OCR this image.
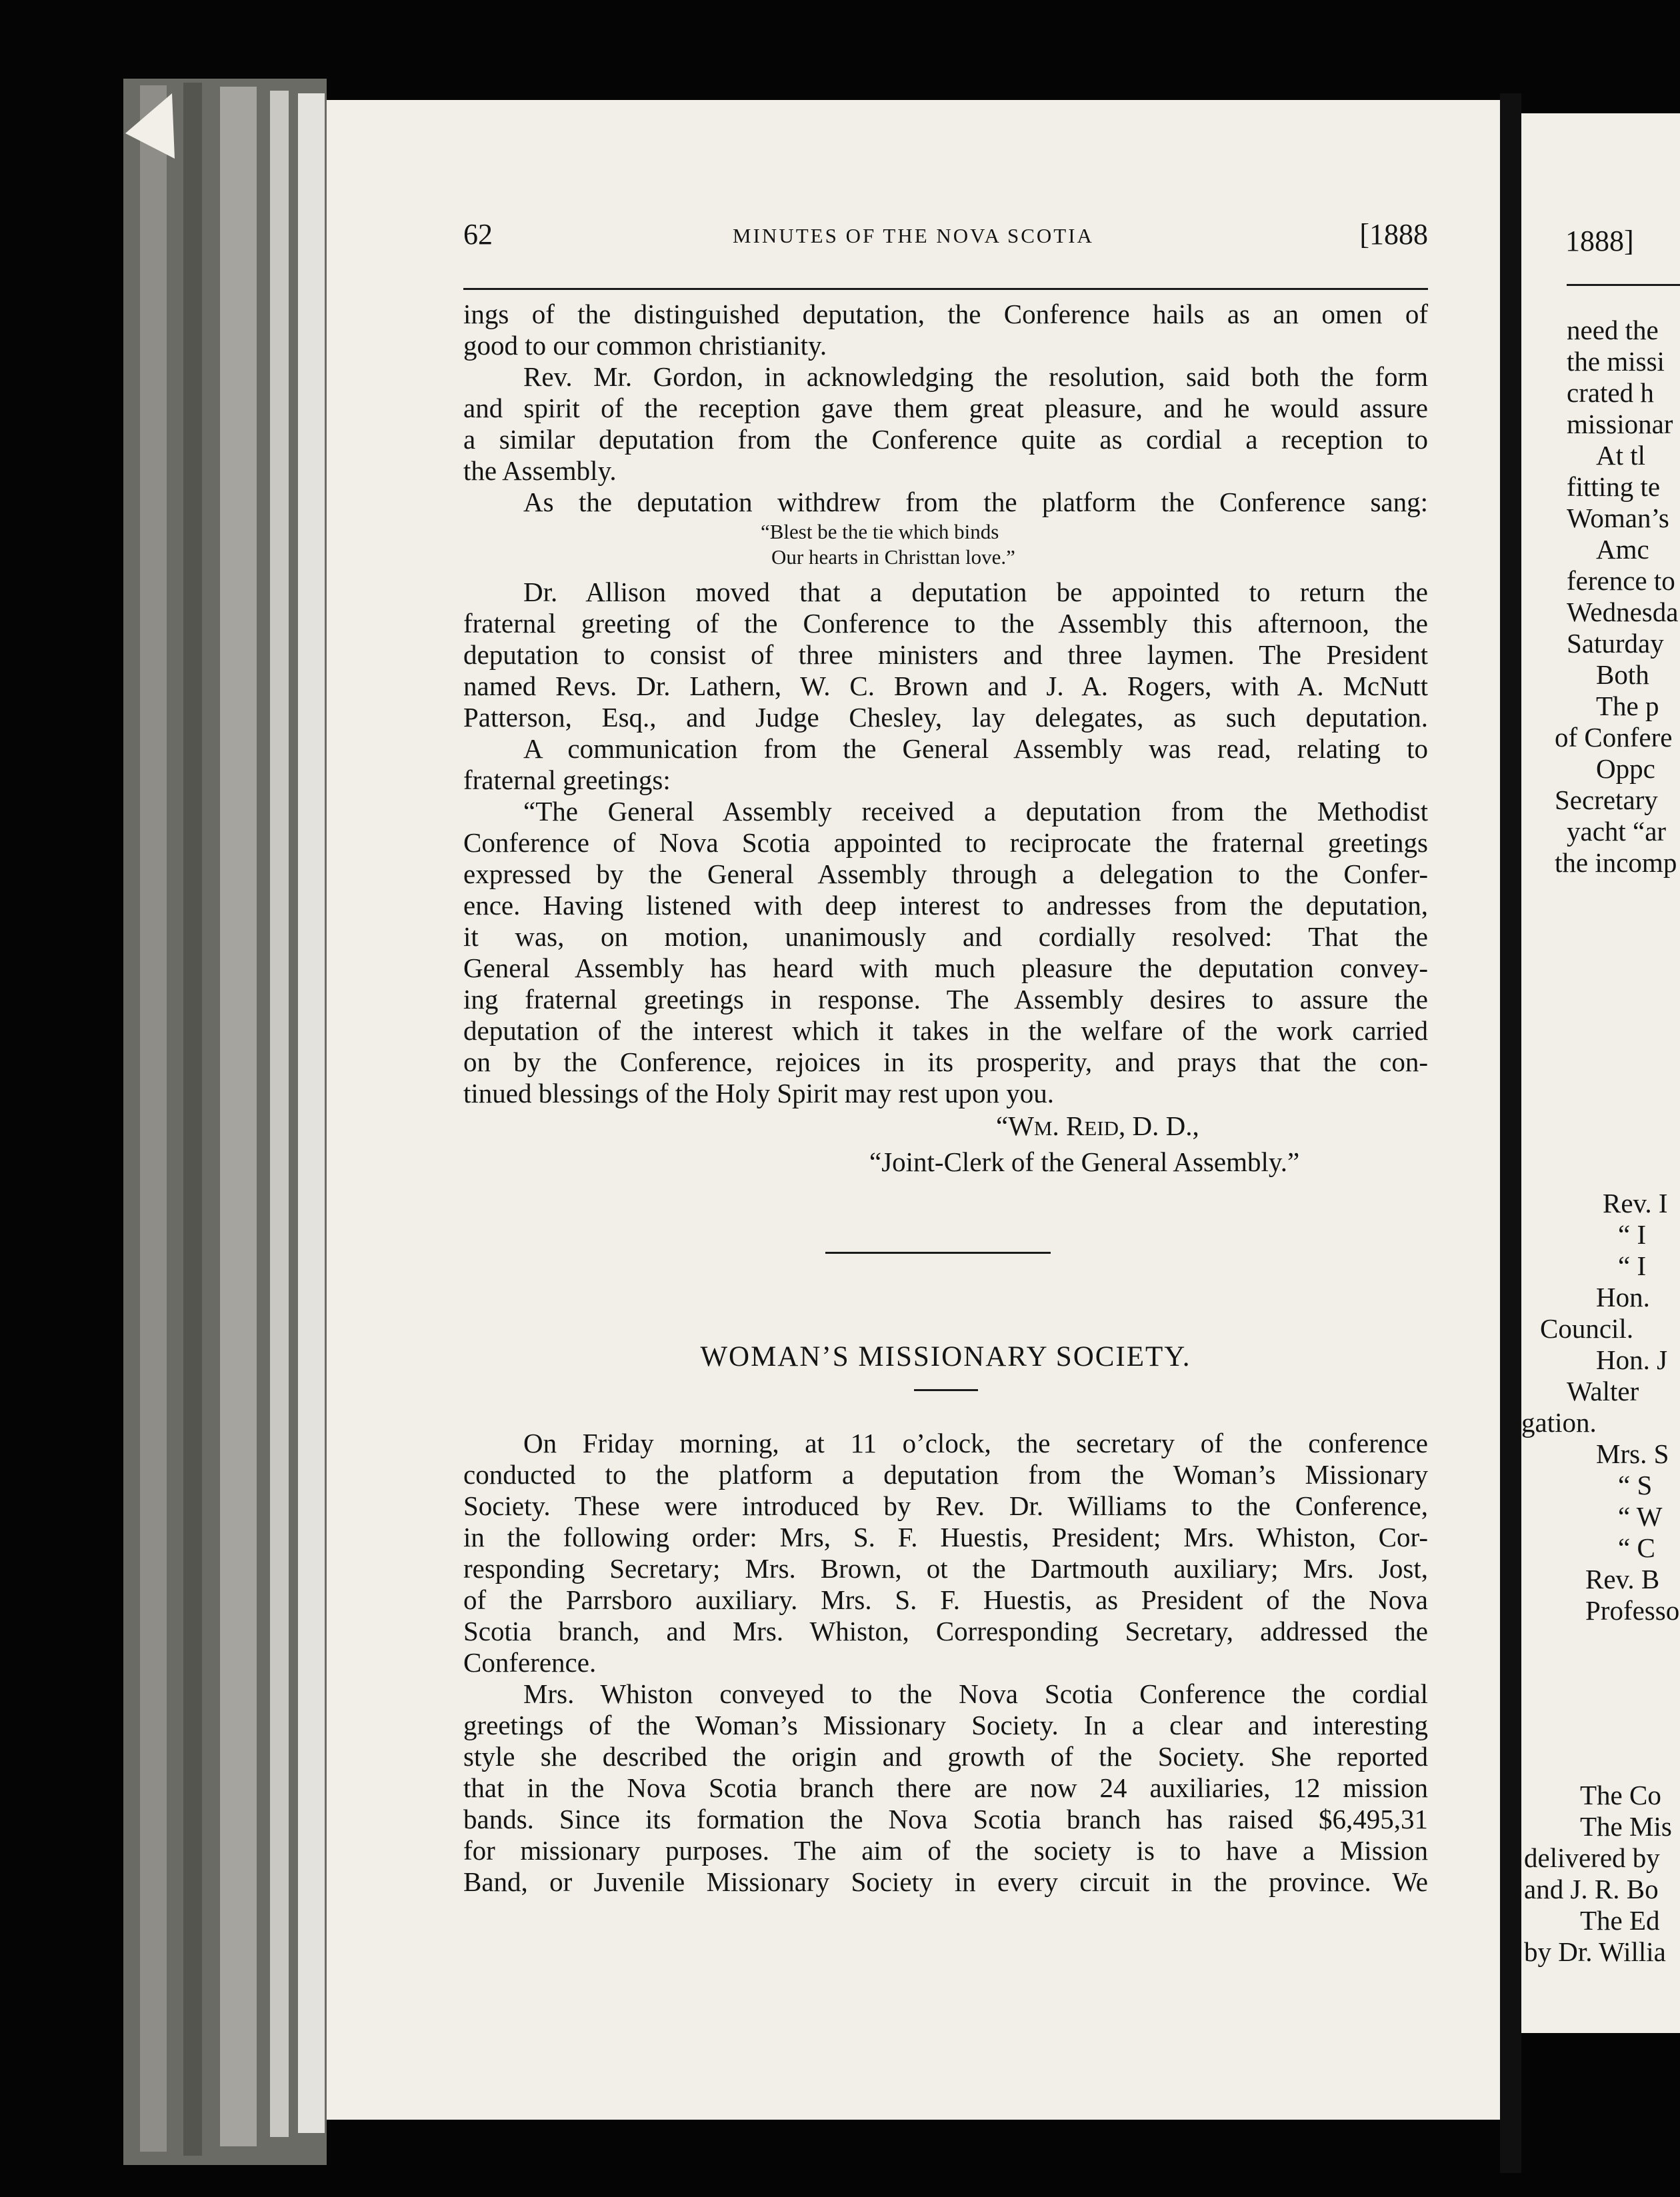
62	MINUTES OF THE NOVA SCOTIA	[1888
ings of the distinguished deputation, the Conference hails as an omen of
good to our common christianity.
Rev. Mr. Gordon, in acknowledging the resolution, said both the form
and spirit of the reception gave them great pleasure, and he would assure
a similar deputation from the Conference quite as cordial a reception to
the Assembly.
As the deputation withdrew from the platform the Conference sang:
“Blest be the tie which binds
Our hearts in Christtan love.”
Dr. Allison moved that a deputation be appointed to return the
fraternal greeting of the Conference to the Assembly this afternoon, the
deputation to consist of three ministers and three laymen. The President
named Revs. Dr. Lathern, W. C. Brown and J. A. Rogers, with A. McNutt
Patterson, Esq., and Judge Chesley, lay delegates, as such deputation.
A communication from the General Assembly was read, relating to
fraternal greetings:
“The General Assembly received a deputation from the Methodist
Conference of Nova Scotia appointed to reciprocate the fraternal greetings
expressed by the General Assembly through a delegation to the Confer-
ence. Having listened with deep interest to andresses from the deputation,
it was, on motion, unanimously and cordially resolved: That the
General Assembly has heard with much pleasure the deputation convey-
ing fraternal greetings in response. The Assembly desires to assure the
deputation of the interest which it takes in the welfare of the work carried
on by the Conference, rejoices in its prosperity, and prays that the con-
tinued blessings of the Holy Spirit may rest upon you.
“WM. REID, D. D.,
“Joint-Clerk of the General Assembly.”
WOMAN’S MISSIONARY SOCIETY.
On Friday morning, at 11 o’clock, the secretary of the conference
conducted to the platform a deputation from the Woman’s Missionary
Society. These were introduced by Rev. Dr. Williams to the Conference,
in the following order: Mrs, S. F. Huestis, President; Mrs. Whiston, Cor-
responding Secretary; Mrs. Brown, ot the Dartmouth auxiliary; Mrs. Jost,
of the Parrsboro auxiliary. Mrs. S. F. Huestis, as President of the Nova
Scotia branch, and Mrs. Whiston, Corresponding Secretary, addressed the
Conference.
Mrs. Whiston conveyed to the Nova Scotia Conference the cordial
greetings of the Woman’s Missionary Society. In a clear and interesting
style she described the origin and growth of the Society. She reported
that in the Nova Scotia branch there are now 24 auxiliaries, 12 mission
bands. Since its formation the Nova Scotia branch has raised $6,495,31
for missionary purposes. The aim of the society is to have a Mission
Band, or Juvenile Missionary Society in every circuit in the province. We
1888]
need the
the missi
crated h
missionar
At tl
fitting te
Woman’s
Amc
ference to
Wednesda
Saturday
Both
The p
of Confere
Oppc
Secretary
yacht “ar
the incomp
Rev. I
“ I
“ I
Hon.
Council.
Hon. J
Walter
gation.
Mrs. S
“ S
“ W
“ C
Rev. B
Professo
The Co
The Mis
delivered by
and J. R. Bo
The Ed
by Dr. Willia
